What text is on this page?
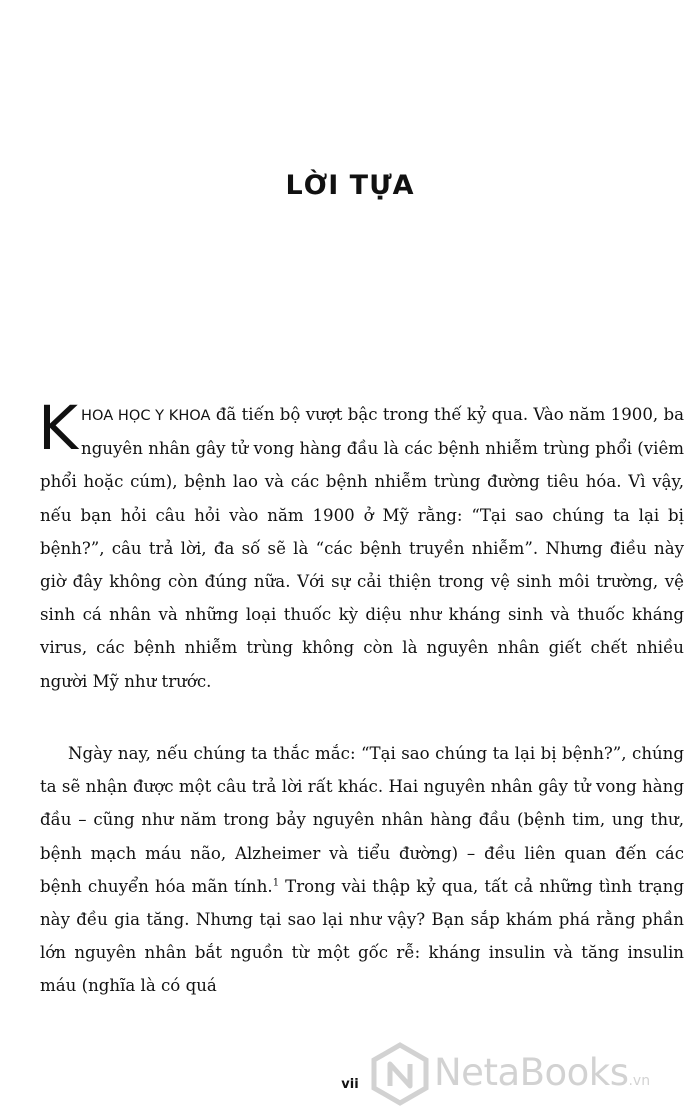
LỜI TỰA

KHOA HỌC Y KHOA đã tiến bộ vượt bậc trong thế kỷ qua. Vào năm 1900, ba nguyên nhân gây tử vong hàng đầu là các bệnh nhiễm trùng phổi (viêm phổi hoặc cúm), bệnh lao và các bệnh nhiễm trùng đường tiêu hóa. Vì vậy, nếu bạn hỏi câu hỏi vào năm 1900 ở Mỹ rằng: “Tại sao chúng ta lại bị bệnh?”, câu trả lời, đa số sẽ là “các bệnh truyền nhiễm”. Nhưng điều này giờ đây không còn đúng nữa. Với sự cải thiện trong vệ sinh môi trường, vệ sinh cá nhân và những loại thuốc kỳ diệu như kháng sinh và thuốc kháng virus, các bệnh nhiễm trùng không còn là nguyên nhân giết chết nhiều người Mỹ như trước.

Ngày nay, nếu chúng ta thắc mắc: “Tại sao chúng ta lại bị bệnh?”, chúng ta sẽ nhận được một câu trả lời rất khác. Hai nguyên nhân gây tử vong hàng đầu – cũng như năm trong bảy nguyên nhân hàng đầu (bệnh tim, ung thư, bệnh mạch máu não, Alzheimer và tiểu đường) – đều liên quan đến các bệnh chuyển hóa mãn tính.$^1$ Trong vài thập kỷ qua, tất cả những tình trạng này đều gia tăng. Nhưng tại sao lại như vậy? Bạn sắp khám phá rằng phần lớn nguyên nhân bắt nguồn từ một gốc rễ: kháng insulin và tăng insulin máu (nghĩa là có quá

vii	NetaBooks.vn
